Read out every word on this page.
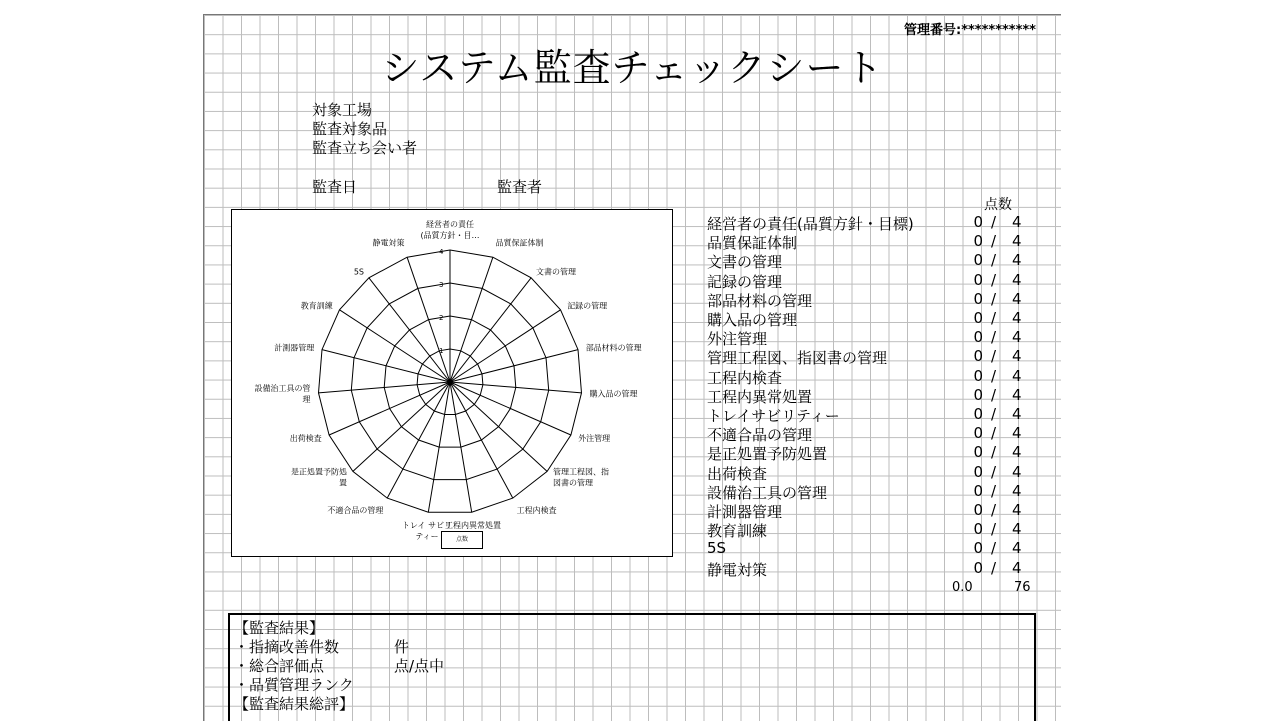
管理番号:***********
システム監査チェックシート
対象工場
監査対象品
監査立ち会い者
監査日	監査者
1
2
3
4
経営者の責任(品質方針・目…
品質保証体制
文書の管理
記録の管理
部品材料の管理
購入品の管理
外注管理
管理工程図、指図書の管理
工程内検査
工程内異常処置
トレイ サビリティー
不適合品の管理
是正処置予防処置
出荷検査
設備治工具の管理
計測器管理
教育訓練
5S
静電対策
点数
点数
経営者の責任(品質方針・目標)	0 / 4
品質保証体制	0 / 4
文書の管理	0 / 4
記録の管理	0 / 4
部品材料の管理	0 / 4
購入品の管理	0 / 4
外注管理	0 / 4
管理工程図、指図書の管理	0 / 4
工程内検査	0 / 4
工程内異常処置	0 / 4
トレイサビリティー	0 / 4
不適合品の管理	0 / 4
是正処置予防処置	0 / 4
出荷検査	0 / 4
設備治工具の管理	0 / 4
計測器管理	0 / 4
教育訓練	0 / 4
5S	0 / 4
静電対策	0 / 4
0.0	76
【監査結果】
・指摘改善件数	件
・総合評価点	点/点中
・品質管理ランク
【監査結果総評】
